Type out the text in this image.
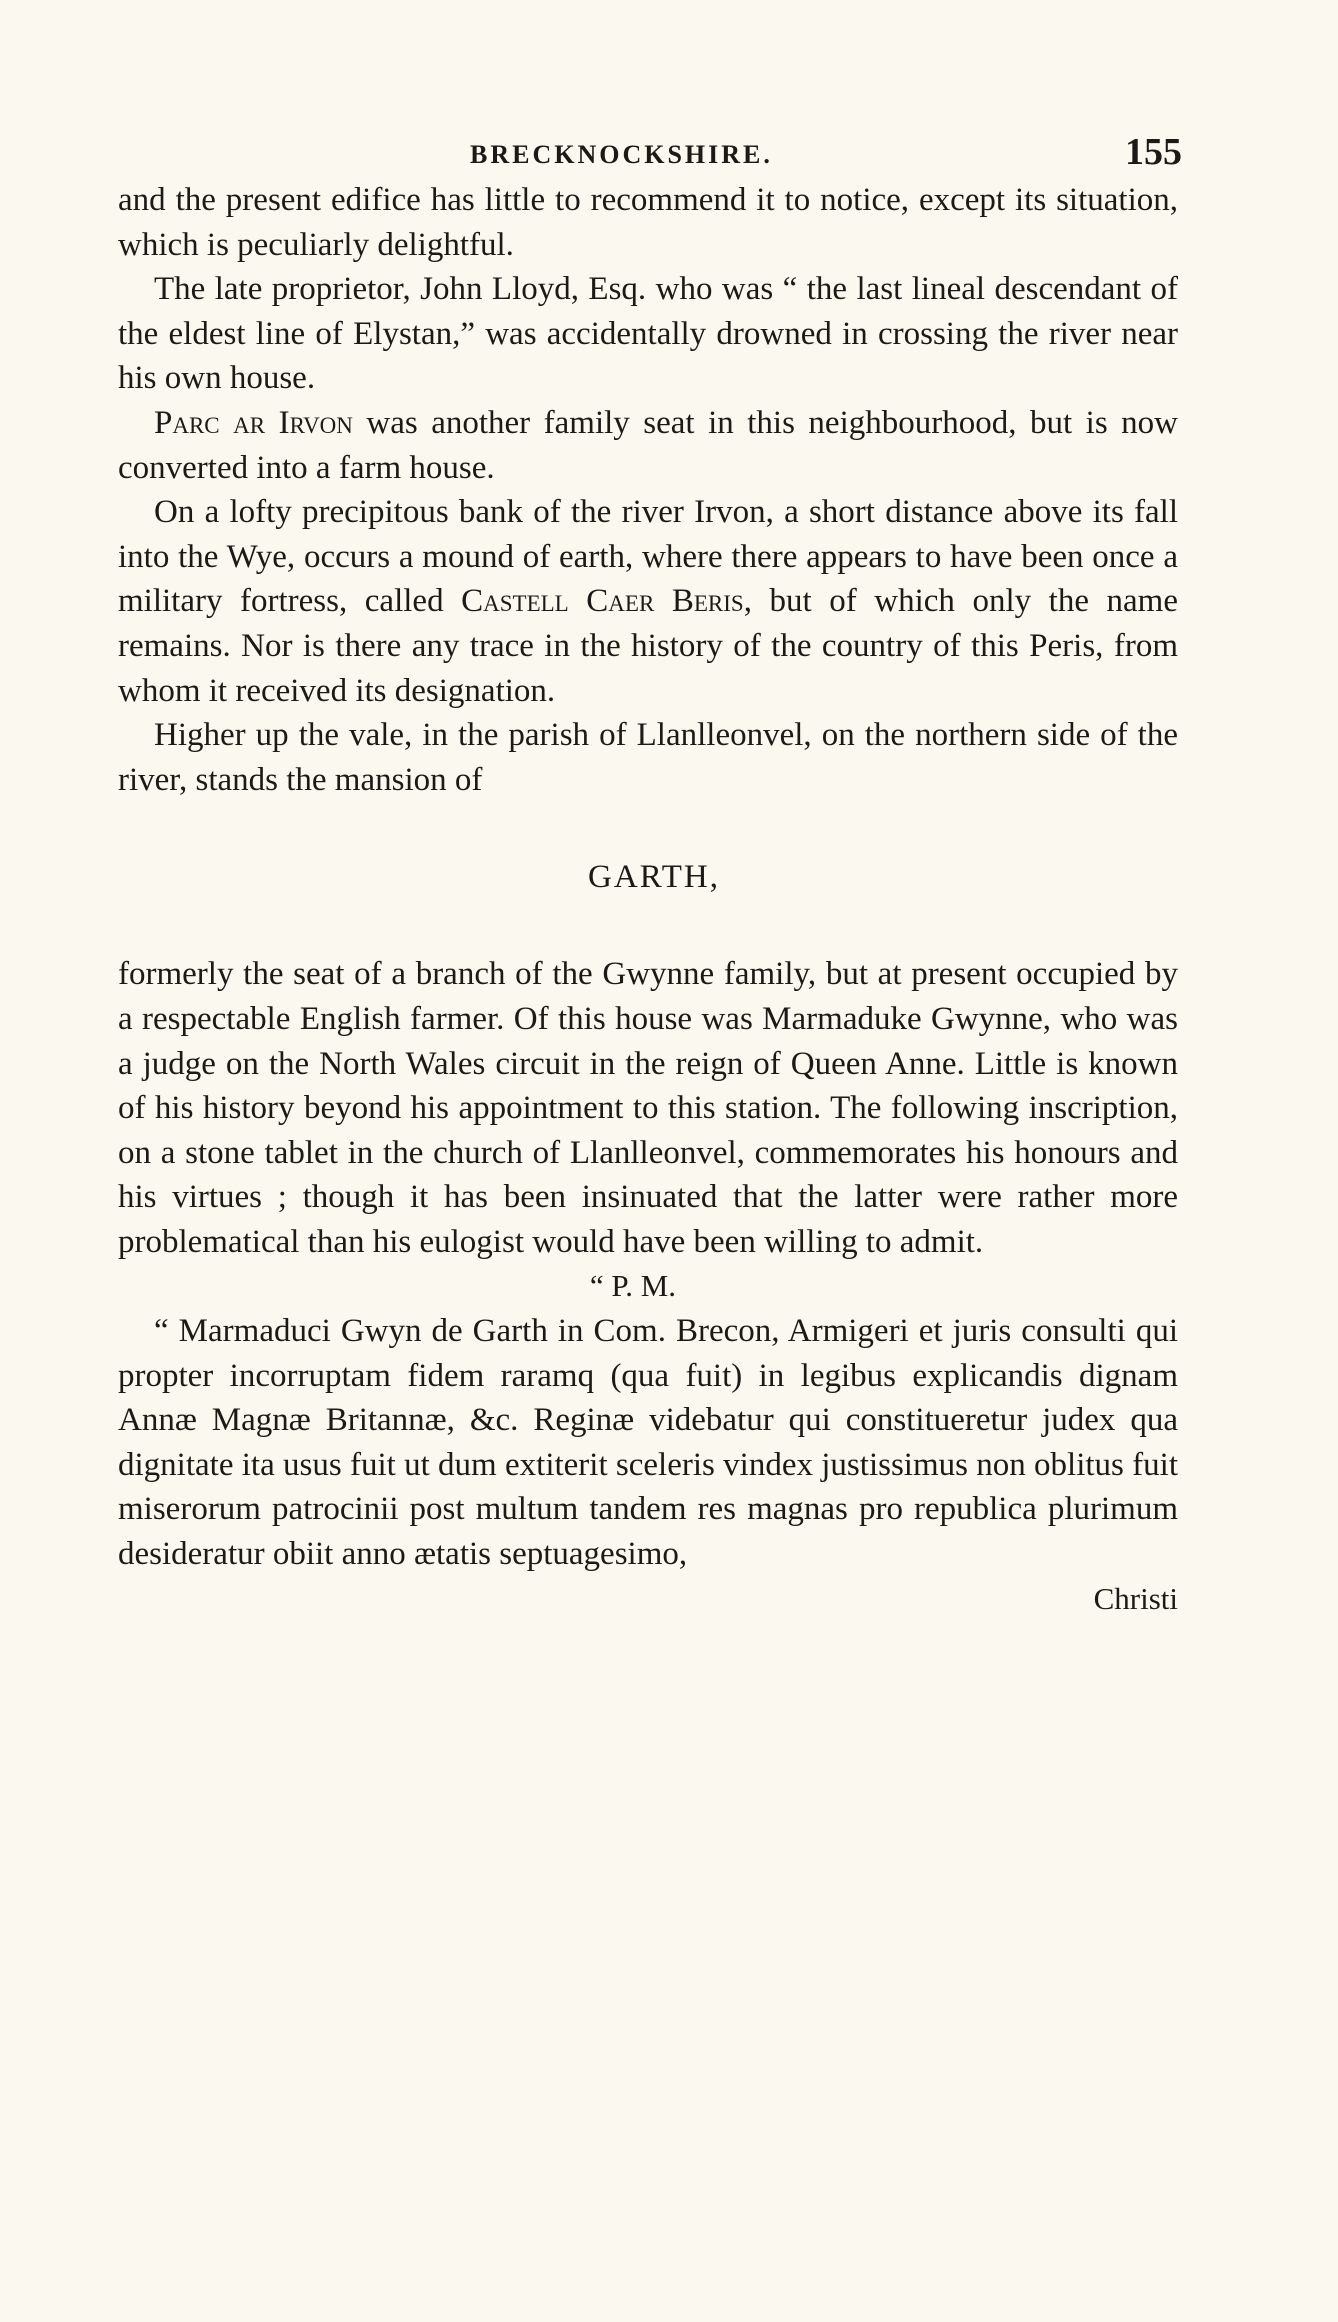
BRECKNOCKSHIRE.	155

and the present edifice has little to recommend it to notice, except its situation, which is peculiarly delightful.

The late proprietor, John Lloyd, Esq. who was “ the last lineal descendant of the eldest line of Elystan,” was accidentally drowned in crossing the river near his own house.

Parc ar Irvon was another family seat in this neighbourhood, but is now converted into a farm house.

On a lofty precipitous bank of the river Irvon, a short distance above its fall into the Wye, occurs a mound of earth, where there appears to have been once a military fortress, called Castell Caer Beris, but of which only the name remains. Nor is there any trace in the history of the country of this Peris, from whom it received its designation.

Higher up the vale, in the parish of Llanlleonvel, on the northern side of the river, stands the mansion of

GARTH,

formerly the seat of a branch of the Gwynne family, but at present occupied by a respectable English farmer. Of this house was Marmaduke Gwynne, who was a judge on the North Wales circuit in the reign of Queen Anne. Little is known of his history beyond his appointment to this station. The following inscription, on a stone tablet in the church of Llanlleonvel, commemorates his honours and his virtues ; though it has been insinuated that the latter were rather more problematical than his eulogist would have been willing to admit.

“ P. M.

“ Marmaduci Gwyn de Garth in Com. Brecon, Armigeri et juris consulti qui propter incorruptam fidem raramq (qua fuit) in legibus explicandis dignam Annæ Magnæ Britannæ, &c. Reginæ videbatur qui constitueretur judex qua dignitate ita usus fuit ut dum extiterit sceleris vindex justissimus non oblitus fuit miserorum patrocinii post multum tandem res magnas pro republica plurimum desideratur obiit anno ætatis septuagesimo,

Christi
